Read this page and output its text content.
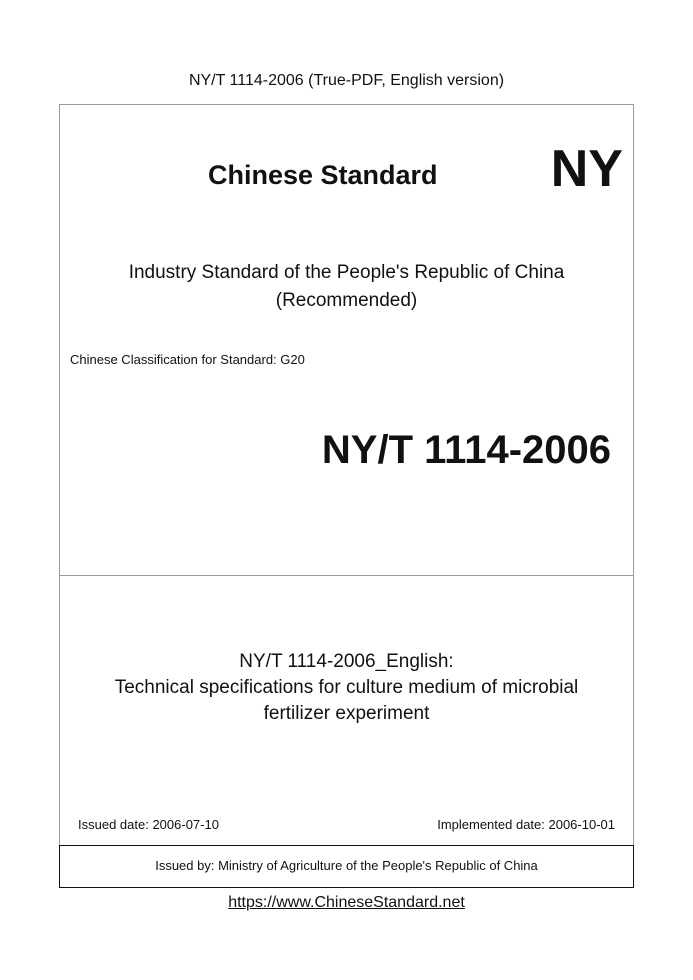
NY/T 1114-2006 (True-PDF, English version)
Chinese Standard NY
Industry Standard of the People's Republic of China
(Recommended)
Chinese Classification for Standard: G20
NY/T 1114-2006
NY/T 1114-2006_English:
Technical specifications for culture medium of microbial
fertilizer experiment
Issued date: 2006-07-10	Implemented date: 2006-10-01
Issued by: Ministry of Agriculture of the People's Republic of China
https://www.ChineseStandard.net
